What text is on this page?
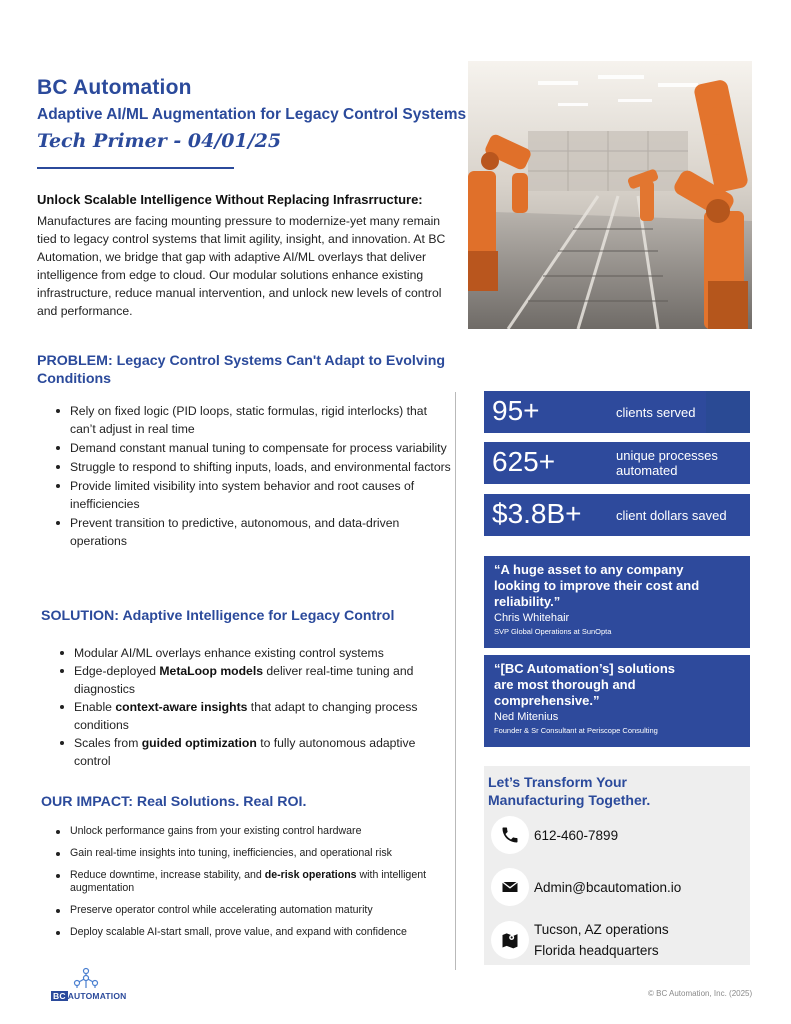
BC Automation
Adaptive AI/ML Augmentation for Legacy Control Systems
Tech Primer - 04/01/25
Unlock Scalable Intelligence Without Replacing Infrasrructure:
Manufactures are facing mounting pressure to modernize-yet many remain tied to legacy control systems that limit agility, insight, and innovation. At BC Automation, we bridge that gap with adaptive AI/ML overlays that deliver intelligence from edge to cloud. Our modular solutions enhance existing infrastructure, reduce manual intervention, and unlock new levels of control and performance.
PROBLEM: Legacy Control Systems Can't Adapt to Evolving Conditions
Rely on fixed logic (PID loops, static formulas, rigid interlocks) that can’t adjust in real time
Demand constant manual tuning to compensate for process variability
Struggle to respond to shifting inputs, loads, and environmental factors
Provide limited visibility into system behavior and root causes of inefficiencies
Prevent transition to predictive, autonomous, and data-driven operations
SOLUTION: Adaptive Intelligence for Legacy Control
Modular AI/ML overlays enhance existing control systems
Edge-deployed MetaLoop models deliver real-time tuning and diagnostics
Enable context-aware insights that adapt to changing process conditions
Scales from guided optimization to fully autonomous adaptive control
OUR IMPACT: Real Solutions. Real ROI.
Unlock performance gains from your existing control hardware
Gain real-time insights into tuning, inefficiencies, and operational risk
Reduce downtime, increase stability, and de-risk operations with intelligent augmentation
Preserve operator control while accelerating automation maturity
Deploy scalable AI-start small, prove value, and expand with confidence
95+	clients served
625+	unique processes automated
$3.8B+	client dollars saved
“A huge asset to any company looking to improve their cost and reliability.”
Chris Whitehair
SVP Global Operations at SunOpta
“[BC Automation’s] solutions are most thorough and comprehensive.”
Ned Mitenius
Founder & Sr Consultant at Periscope Consulting
Let’s Transform Your Manufacturing Together.
612-460-7899
Admin@bcautomation.io
Tucson, AZ operations
Florida headquarters
BC AUTOMATION	© BC Automation, Inc. (2025)
